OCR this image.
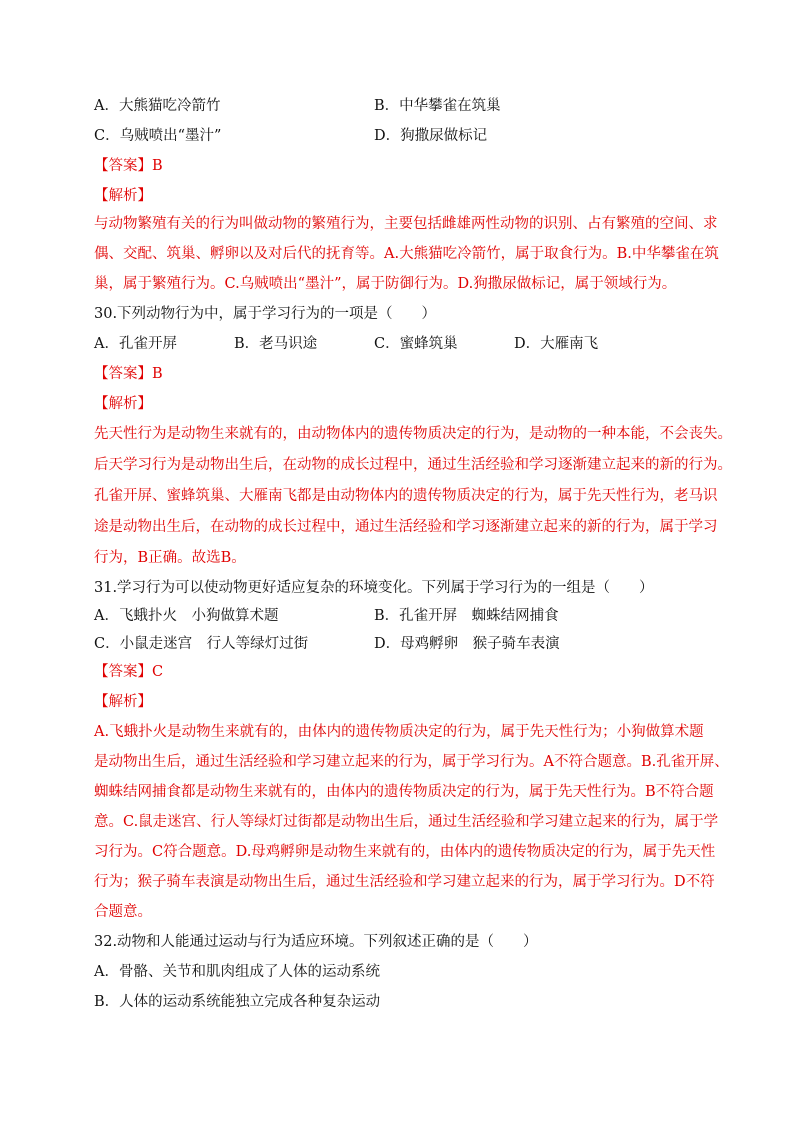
A．大熊猫吃冷箭竹	B．中华攀雀在筑巢
C．乌贼喷出“墨汁”	D．狗撒尿做标记
【答案】B
【解析】
与动物繁殖有关的行为叫做动物的繁殖行为，主要包括雌雄两性动物的识别、占有繁殖的空间、求
偶、交配、筑巢、孵卵以及对后代的抚育等。A.大熊猫吃冷箭竹，属于取食行为。B.中华攀雀在筑
巢，属于繁殖行为。C.乌贼喷出“墨汁”，属于防御行为。D.狗撒尿做标记，属于领域行为。
30.下列动物行为中，属于学习行为的一项是（　　）
A．孔雀开屏	B．老马识途	C．蜜蜂筑巢	D．大雁南飞
【答案】B
【解析】
先天性行为是动物生来就有的，由动物体内的遗传物质决定的行为，是动物的一种本能，不会丧失。
后天学习行为是动物出生后，在动物的成长过程中，通过生活经验和学习逐渐建立起来的新的行为。
孔雀开屏、蜜蜂筑巢、大雁南飞都是由动物体内的遗传物质决定的行为，属于先天性行为，老马识
途是动物出生后，在动物的成长过程中，通过生活经验和学习逐渐建立起来的新的行为，属于学习
行为，B正确。故选B。
31.学习行为可以使动物更好适应复杂的环境变化。下列属于学习行为的一组是（　　）
A．飞蛾扑火　小狗做算术题	B．孔雀开屏　蜘蛛结网捕食
C．小鼠走迷宫　行人等绿灯过街	D．母鸡孵卵　猴子骑车表演
【答案】C
【解析】
A.飞蛾扑火是动物生来就有的，由体内的遗传物质决定的行为，属于先天性行为；小狗做算术题
是动物出生后，通过生活经验和学习建立起来的行为，属于学习行为。A不符合题意。B.孔雀开屏、
蜘蛛结网捕食都是动物生来就有的，由体内的遗传物质决定的行为，属于先天性行为。B不符合题
意。C.鼠走迷宫、行人等绿灯过街都是动物出生后，通过生活经验和学习建立起来的行为，属于学
习行为。C符合题意。D.母鸡孵卵是动物生来就有的，由体内的遗传物质决定的行为，属于先天性
行为；猴子骑车表演是动物出生后，通过生活经验和学习建立起来的行为，属于学习行为。D不符
合题意。
32.动物和人能通过运动与行为适应环境。下列叙述正确的是（　　）
A．骨骼、关节和肌肉组成了人体的运动系统
B．人体的运动系统能独立完成各种复杂运动
